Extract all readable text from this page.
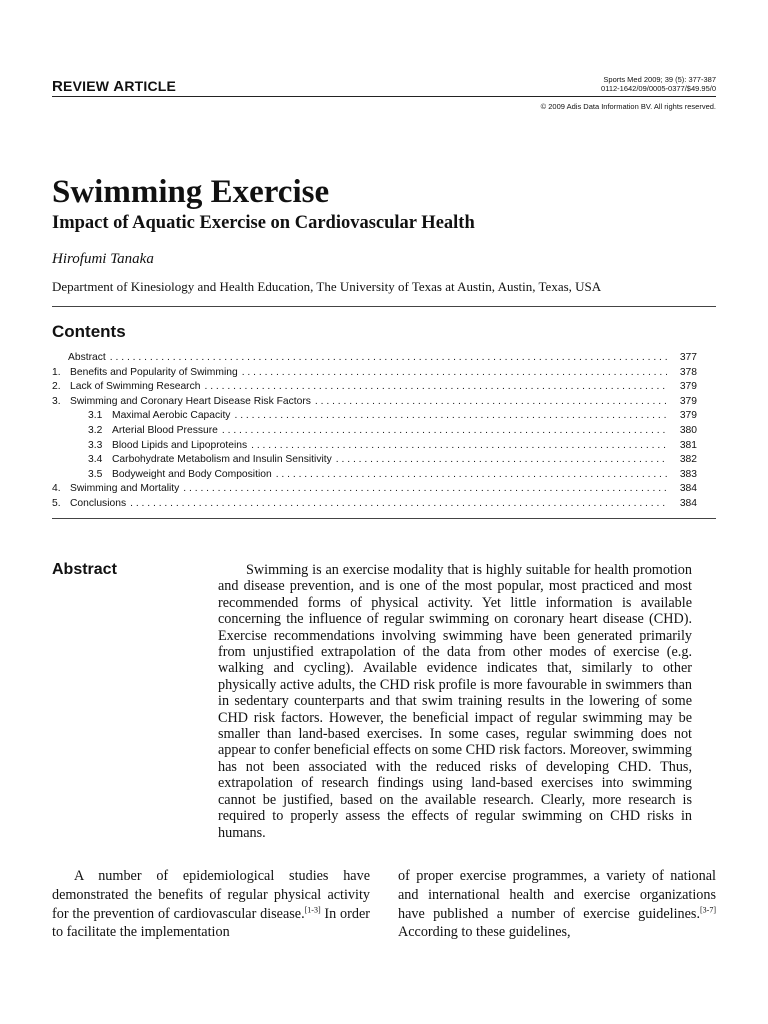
REVIEW ARTICLE	Sports Med 2009; 39 (5): 377-387
0112-1642/09/0005-0377/$49.95/0
© 2009 Adis Data Information BV. All rights reserved.
Swimming Exercise
Impact of Aquatic Exercise on Cardiovascular Health
Hirofumi Tanaka
Department of Kinesiology and Health Education, The University of Texas at Austin, Austin, Texas, USA
Contents
Abstract . . .	377
1. Benefits and Popularity of Swimming . . .	378
2. Lack of Swimming Research . . .	379
3. Swimming and Coronary Heart Disease Risk Factors . . .	379
3.1 Maximal Aerobic Capacity . . .	379
3.2 Arterial Blood Pressure . . .	380
3.3 Blood Lipids and Lipoproteins . . .	381
3.4 Carbohydrate Metabolism and Insulin Sensitivity . . .	382
3.5 Bodyweight and Body Composition . . .	383
4. Swimming and Mortality . . .	384
5. Conclusions . . .	384
Abstract	Swimming is an exercise modality that is highly suitable for health promotion and disease prevention, and is one of the most popular, most practiced and most recommended forms of physical activity. Yet little information is available concerning the influence of regular swimming on coronary heart disease (CHD). Exercise recommendations involving swimming have been generated primarily from unjustified extrapolation of the data from other modes of exercise (e.g. walking and cycling). Available evidence indicates that, similarly to other physically active adults, the CHD risk profile is more favourable in swimmers than in sedentary counterparts and that swim training results in the lowering of some CHD risk factors. However, the beneficial impact of regular swimming may be smaller than land-based exercises. In some cases, regular swimming does not appear to confer beneficial effects on some CHD risk factors. Moreover, swimming has not been associated with the reduced risks of developing CHD. Thus, extrapolation of research findings using land-based exercises into swimming cannot be justified, based on the available research. Clearly, more research is required to properly assess the effects of regular swimming on CHD risks in humans.

A number of epidemiological studies have demonstrated the benefits of regular physical activity for the prevention of cardiovascular disease.[1-3] In order to facilitate the implementation

of proper exercise programmes, a variety of national and international health and exercise organizations have published a number of exercise guidelines.[3-7] According to these guidelines,
